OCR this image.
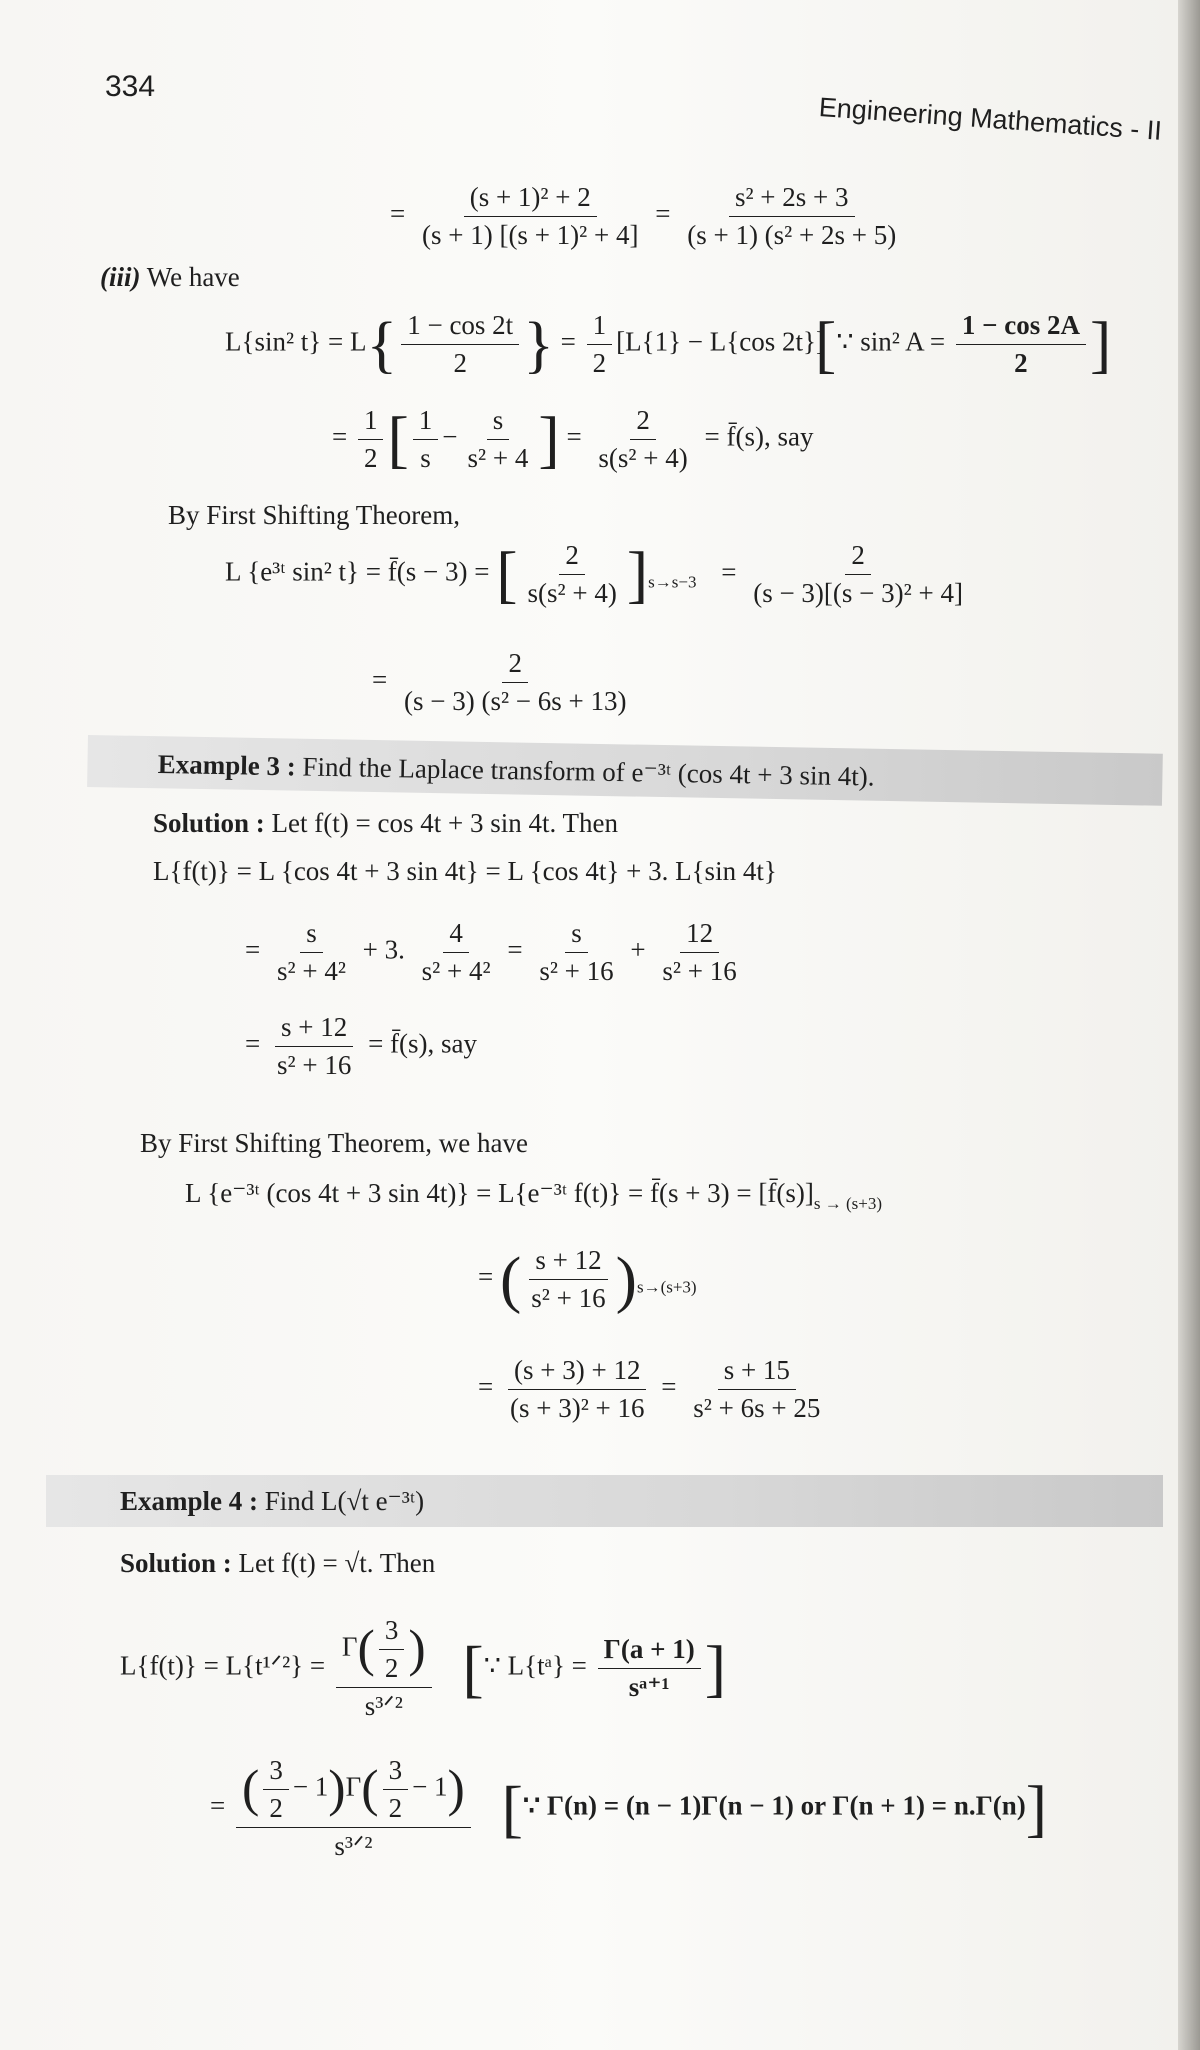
334
Engineering Mathematics - II
= $\frac{\text{(s + 1)² + 2}}{\text{(s + 1) [(s + 1)² + 4]}} = \frac{\text{s² + 2s + 3}}{\text{(s + 1) (s² + 2s + 5)}}$
(iii) We have
L{sin² $t\} = L\{ \frac{1 - \cos 2t}{2}$ } = $\frac{1}{2} [L\{1\} - L\{\cos$ 2t}]
[∵ sin² $A = \frac{1 - \cos 2A}{2}$ ]
= $\frac{1}{2}$ [ $\frac{1}{s} - \frac{s}{\text{s² + 4}}$ ] = $\frac{2}{\text{s(s² + 4)}}$ = f̄(s), say
By First Shifting Theorem,
L {e³ᵗ sin² t} = f̄(s − 3) = [ $\frac{2}{\text{s(s² + 4)}} ]_{s\to s-3} = \frac{2}{\text{(s − 3)[(s − 3)² + 4]}}$
= $\frac{2}{\text{(s − 3) (s² − 6s + 13)}}$
Example 3 : Find the Laplace transform of e⁻³ᵗ (cos 4t + 3 sin 4t).
Solution : Let f(t) = cos 4t + 3 sin 4t. Then
L{f(t)} = L {cos 4t + 3 sin 4t} = L {cos 4t} + 3. L{sin 4t}
= $\frac{s}{\text{s² + 4²}} + 3$. $\frac{4}{\text{s² + 4²}} = \frac{s}{\text{s² + 16}} + \frac{12}{\text{s² + 16}}$
= $\frac{s + 12}{\text{s² + 16}}$ = f̄(s), say
By First Shifting Theorem, we have
L {e⁻³ᵗ (cos 4t + 3 sin 4t)} = L{e⁻³ᵗ f(t)} = f̄(s + $3) = [f̄(s)]_{s \to (s+3)}$
= ( $\frac{s + 12}{\text{s² + 16}} )_{s\to(s+3)}$
= $\frac{(s + 3) + 12}{\text{(s + 3)² + 16}} = \frac{s + 15}{\text{s² + 6s + 25}}$
Example 4 : Find L(√t e⁻³ᵗ)
Solution : Let f(t) = √t. Then
L{f(t)} = L{t¹ᐟ²} = $\frac{\Gamma( \frac{3}{2} )}{\text{s³ᐟ²}}$ [∵ L{tᵃ} = $\frac{\Gamma(a + 1)}{\text{sᵃ⁺¹}}$ ]
= $\frac{( \frac{3}{2} - 1)\Gamma( \frac{3}{2} - 1)}{\text{s³ᐟ²}}$ [∵ Γ(n) = (n − 1)Γ(n − 1) or Γ(n + 1) = n.Γ(n)]
